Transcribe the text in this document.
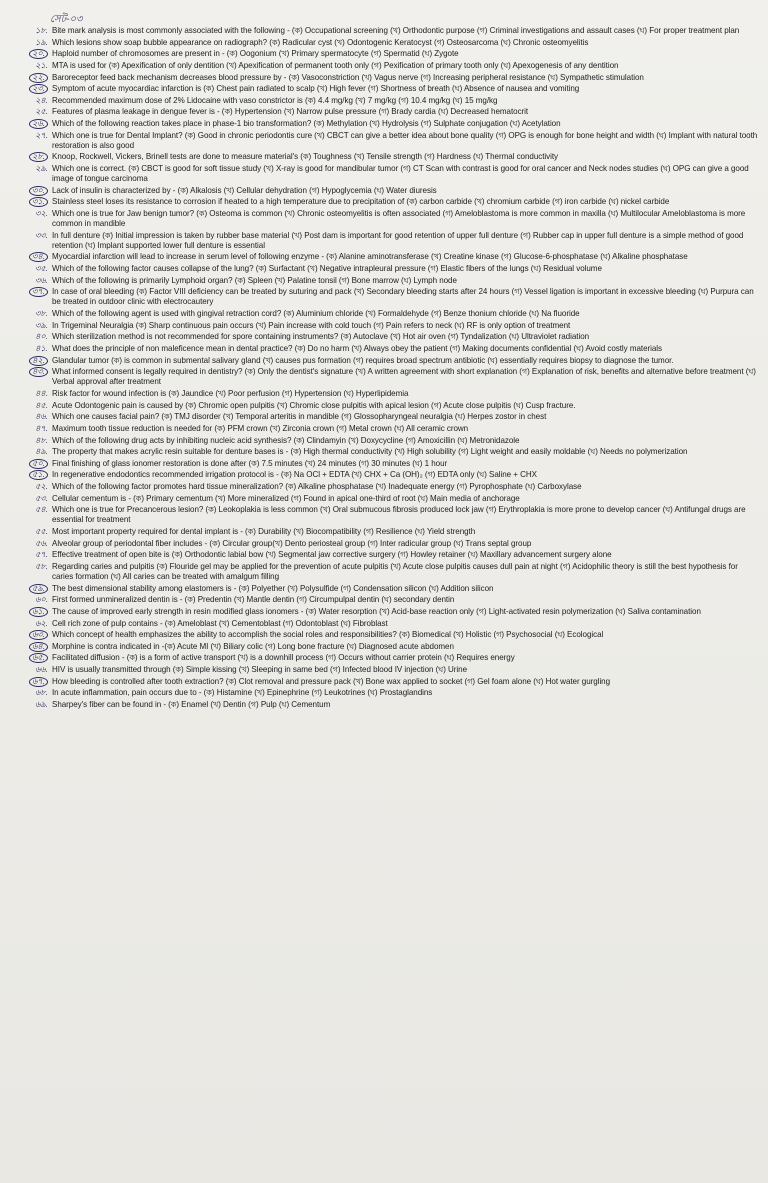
সেট-০৩
১৮. Bite mark analysis is most commonly associated with the following - (ক) Occupational screening (খ) Orthodontic purpose (গ) Criminal investigations and assault cases (ঘ) For proper treatment plan
১৯. Which lesions show soap bubble appearance on radiograph? (ক) Radicular cyst (খ) Odontogenic Keratocyst (গ) Osteosarcoma (ঘ) Chronic osteomyelitis
২০. Haploid number of chromosomes are present in - (ক) Oogonium (খ) Primary spermatocyte (গ) Spermatid (ঘ) Zygote
২১. MTA is used for (ক) Apexification of only dentition (খ) Apexification of permanent tooth only (গ) Pexification of primary tooth only (ঘ) Apexogenesis of any dentition
২২. Baroreceptor feed back mechanism decreases blood pressure by - (ক) Vasoconstriction (খ) Vagus nerve (গ) Increasing peripheral resistance (ঘ) Sympathetic stimulation
২৩. Symptom of acute myocardiac infarction is (ক) Chest pain radiated to scalp (খ) High fever (গ) Shortness of breath (ঘ) Absence of nausea and vomiting
২৪. Recommended maximum dose of 2% Lidocaine with vaso constrictor is (ক) 4.4 mg/kg (খ) 7 mg/kg (গ) 10.4 mg/kg (ঘ) 15 mg/kg
২৫. Features of plasma leakage in dengue fever is - (ক) Hypertension (খ) Narrow pulse pressure (গ) Brady cardia (ঘ) Decreased hematocrit
২৬. Which of the following reaction takes place in phase-1 bio transformation? (ক) Methylation (খ) Hydrolysis (গ) Sulphate conjugation (ঘ) Acetylation
২৭. Which one is true for Dental Implant? (ক) Good in chronic periodontis cure (খ) CBCT can give a better idea about bone quality (গ) OPG is enough for bone height and width (ঘ) Implant with natural tooth restoration is also good
২৮. Knoop, Rockwell, Vickers, Brinell tests are done to measure material's (ক) Toughness (খ) Tensile strength (গ) Hardness (ঘ) Thermal conductivity
২৯. Which one is correct. (ক) CBCT is good for soft tissue study (খ) X-ray is good for mandibular tumor (গ) CT Scan with contrast is good for oral cancer and Neck nodes studies (ঘ) OPG can give a good image of tongue carcinoma
৩০. Lack of insulin is characterized by - (ক) Alkalosis (খ) Cellular dehydration (গ) Hypoglycemia (ঘ) Water diuresis
৩১. Stainless steel loses its resistance to corrosion if heated to a high temperature due to precipitation of (ক) carbon carbide (খ) chromium carbide (গ) iron carbide (ঘ) nickel carbide
৩২. Which one is true for Jaw benign tumor? (ক) Osteoma is common (খ) Chronic osteomyelitis is often associated (গ) Ameloblastoma is more common in maxilla (ঘ) Multilocular Ameloblastoma is more common in mandible
৩৩. In full denture (ক) Initial impression is taken by rubber base material (খ) Post dam is important for good retention of upper full denture (গ) Rubber cap in upper full denture is a simple method of good retention (ঘ) Implant supported lower full denture is essential
৩৪. Myocardial infarction will lead to increase in serum level of following enzyme - (ক) Alanine aminotransferase (খ) Creatine kinase (গ) Glucose-6-phosphatase (ঘ) Alkaline phosphatase
৩৫. Which of the following factor causes collapse of the lung? (ক) Surfactant (খ) Negative intrapleural pressure (গ) Elastic fibers of the lungs (ঘ) Residual volume
৩৬. Which of the following is primarily Lymphoid organ? (ক) Spleen (খ) Palatine tonsil (গ) Bone marrow (ঘ) Lymph node
৩৭. In case of oral bleeding (ক) Factor VIII deficiency can be treated by suturing and pack (খ) Secondary bleeding starts after 24 hours (গ) Vessel ligation is important in excessive bleeding (ঘ) Purpura can be treated in outdoor clinic with electrocautery
৩৮. Which of the following agent is used with gingival retraction cord? (ক) Aluminium chloride (খ) Formaldehyde (গ) Benze thonium chloride (ঘ) Na fluoride
৩৯. In Trigeminal Neuralgia (ক) Sharp continuous pain occurs (খ) Pain increase with cold touch (গ) Pain refers to neck (ঘ) RF is only option of treatment
৪০. Which sterilization method is not recommended for spore containing instruments? (ক) Autoclave (খ) Hot air oven (গ) Tyndalization (ঘ) Ultraviolet radiation
৪১. What does the principle of non maleficence mean in dental practice? (ক) Do no harm (খ) Always obey the patient (গ) Making documents confidential (ঘ) Avoid costly materials
৪২. Glandular tumor (ক) is common in submental salivary gland (খ) causes pus formation (গ) requires broad spectrum antibiotic (ঘ) essentially requires biopsy to diagnose the tumor.
৪৩. What informed consent is legally required in dentistry? (ক) Only the dentist's signature (খ) A written agreement with short explanation (গ) Explanation of risk, benefits and alternative before treatment (ঘ) Verbal approval after treatment
৪৪. Risk factor for wound infection is (ক) Jaundice (খ) Poor perfusion (গ) Hypertension (ঘ) Hyperlipidemia
৪৫. Acute Odontogenic pain is caused by (ক) Chromic open pulpitis (খ) Chromic close pulpitis with apical lesion (গ) Acute close pulpitis (ঘ) Cusp fracture.
৪৬. Which one causes facial pain? (ক) TMJ disorder (খ) Temporal arteritis in mandible (গ) Glossopharyngeal neuralgia (ঘ) Herpes zostor in chest
৪৭. Maximum tooth tissue reduction is needed for (ক) PFM crown (খ) Zirconia crown (গ) Metal crown (ঘ) All ceramic crown
৪৮. Which of the following drug acts by inhibiting nucleic acid synthesis? (ক) Clindamyin (খ) Doxycycline (গ) Amoxicillin (ঘ) Metronidazole
৪৯. The property that makes acrylic resin suitable for denture bases is - (ক) High thermal conductivity (খ) High solubility (গ) Light weight and easily moldable (ঘ) Needs no polymerization
৫০. Final finishing of glass ionomer restoration is done after (ক) 7.5 minutes (খ) 24 minutes (গ) 30 minutes (ঘ) 1 hour
৫১. In regenerative endodontics recommended irrigation protocol is - (ক) Na OCl + EDTA (খ) CHX + Ca (OH)₂ (গ) EDTA only (ঘ) Saline + CHX
৫২. Which of the following factor promotes hard tissue mineralization? (ক) Alkaline phosphatase (খ) Inadequate energy (গ) Pyrophosphate (ঘ) Carboxylase
৫৩. Cellular cementum is - (ক) Primary cementum (খ) More mineralized (গ) Found in apical one-third of root (ঘ) Main media of anchorage
৫৪. Which one is true for Precancerous lesion? (ক) Leokoplakia is less common (খ) Oral submucous fibrosis produced lock jaw (গ) Erythroplakia is more prone to develop cancer (ঘ) Antifungal drugs are essential for treatment
৫৫. Most important property required for dental implant is - (ক) Durability (খ) Biocompatibility (গ) Resilience (ঘ) Yield strength
৫৬. Alveolar group of periodontal fiber includes - (ক) Circular group(খ) Dento periosteal group (গ) Inter radicular group (ঘ) Trans septal group
৫৭. Effective treatment of open bite is (ক) Orthodontic labial bow (খ) Segmental jaw corrective surgery (গ) Howley retainer (ঘ) Maxillary advancement surgery alone
৫৮. Regarding caries and pulpitis (ক) Flouride gel may be applied for the prevention of acute pulpitis (খ) Acute close pulpitis causes dull pain at night (গ) Acidophilic theory is still the best hypothesis for caries formation (ঘ) All caries can be treated with amalgum filling
৫৯. The best dimensional stability among elastomers is - (ক) Polyether (খ) Polysulfide (গ) Condensation silicon (ঘ) Addition silicon
৬০. First formed unmineralized dentin is - (ক) Predentin (খ) Mantle dentin (গ) Circumpulpal dentin (ঘ) secondary dentin
৬১. The cause of improved early strength in resin modified glass ionomers - (ক) Water resorption (খ) Acid-base reaction only (গ) Light-activated resin polymerization (ঘ) Saliva contamination
৬২. Cell rich zone of pulp contains - (ক) Ameloblast (খ) Cementoblast (গ) Odontoblast (ঘ) Fibroblast
৬৩. Which concept of health emphasizes the ability to accomplish the social roles and responsibilities? (ক) Biomedical (খ) Holistic (গ) Psychosocial (ঘ) Ecological
৬৪. Morphine is contra indicated in -(ক) Acute MI (খ) Biliary colic (গ) Long bone fracture (ঘ) Diagnosed acute abdomen
৬৫. Facilitated diffusion - (ক) is a form of active transport (খ) is a downhill process (গ) Occurs without carrier protein (ঘ) Requires energy
৬৬. HIV is usually transmitted through (ক) Simple kissing (খ) Sleeping in same bed (গ) Infected blood IV injection (ঘ) Urine
৬৭. How bleeding is controlled after tooth extraction? (ক) Clot removal and pressure pack (খ) Bone wax applied to socket (গ) Gel foam alone (ঘ) Hot water gurgling
৬৮. In acute inflammation, pain occurs due to - (ক) Histamine (খ) Epinephrine (গ) Leukotrines (ঘ) Prostaglandins
৬৯. Sharpey's fiber can be found in - (ক) Enamel (খ) Dentin (গ) Pulp (ঘ) Cementum
